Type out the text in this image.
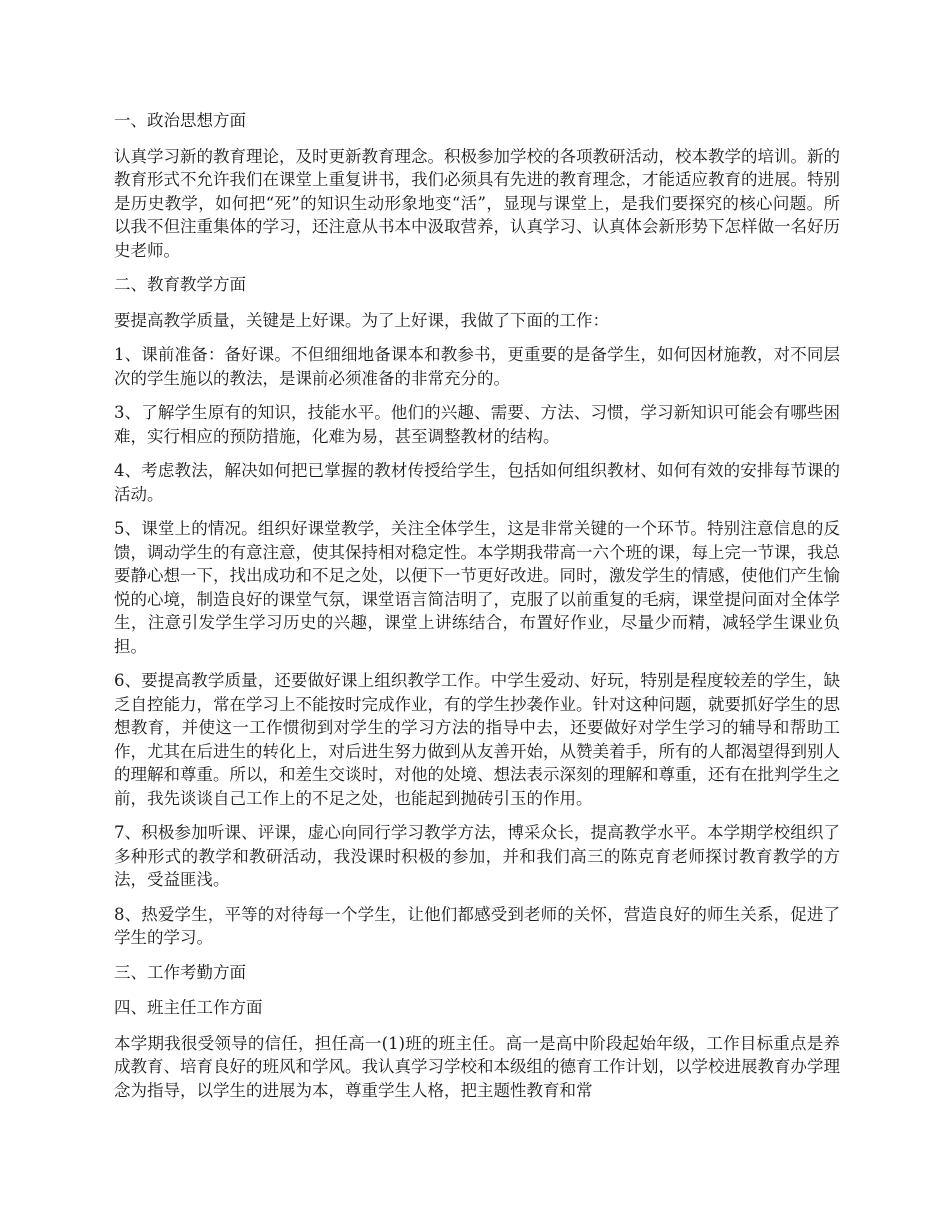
一、政治思想方面

认真学习新的教育理论，及时更新教育理念。积极参加学校的各项教研活动，校本教学的培训。新的教育形式不允许我们在课堂上重复讲书，我们必须具有先进的教育理念，才能适应教育的进展。特别是历史教学，如何把“死”的知识生动形象地变“活”，显现与课堂上，是我们要探究的核心问题。所以我不但注重集体的学习，还注意从书本中汲取营养，认真学习、认真体会新形势下怎样做一名好历史老师。

二、教育教学方面

要提高教学质量，关键是上好课。为了上好课，我做了下面的工作：

1、课前准备：备好课。不但细细地备课本和教参书，更重要的是备学生，如何因材施教，对不同层次的学生施以的教法，是课前必须准备的非常充分的。

3、了解学生原有的知识，技能水平。他们的兴趣、需要、方法、习惯，学习新知识可能会有哪些困难，实行相应的预防措施，化难为易，甚至调整教材的结构。

4、考虑教法，解决如何把已掌握的教材传授给学生，包括如何组织教材、如何有效的安排每节课的活动。

5、课堂上的情况。组织好课堂教学，关注全体学生，这是非常关键的一个环节。特别注意信息的反馈，调动学生的有意注意，使其保持相对稳定性。本学期我带高一六个班的课，每上完一节课，我总要静心想一下，找出成功和不足之处，以便下一节更好改进。同时，激发学生的情感，使他们产生愉悦的心境，制造良好的课堂气氛，课堂语言简洁明了，克服了以前重复的毛病，课堂提问面对全体学生，注意引发学生学习历史的兴趣，课堂上讲练结合，布置好作业，尽量少而精，减轻学生课业负担。

6、要提高教学质量，还要做好课上组织教学工作。中学生爱动、好玩，特别是程度较差的学生，缺乏自控能力，常在学习上不能按时完成作业，有的学生抄袭作业。针对这种问题，就要抓好学生的思想教育，并使这一工作惯彻到对学生的学习方法的指导中去，还要做好对学生学习的辅导和帮助工作，尤其在后进生的转化上，对后进生努力做到从友善开始，从赞美着手，所有的人都渴望得到别人的理解和尊重。所以，和差生交谈时，对他的处境、想法表示深刻的理解和尊重，还有在批判学生之前，我先谈谈自己工作上的不足之处，也能起到抛砖引玉的作用。

7、积极参加听课、评课，虚心向同行学习教学方法，博采众长，提高教学水平。本学期学校组织了多种形式的教学和教研活动，我没课时积极的参加，并和我们高三的陈克育老师探讨教育教学的方法，受益匪浅。

8、热爱学生，平等的对待每一个学生，让他们都感受到老师的关怀，营造良好的师生关系，促进了学生的学习。

三、工作考勤方面

四、班主任工作方面

本学期我很受领导的信任，担任高一(1)班的班主任。高一是高中阶段起始年级，工作目标重点是养成教育、培育良好的班风和学风。我认真学习学校和本级组的德育工作计划，以学校进展教育办学理念为指导，以学生的进展为本，尊重学生人格，把主题性教育和常
